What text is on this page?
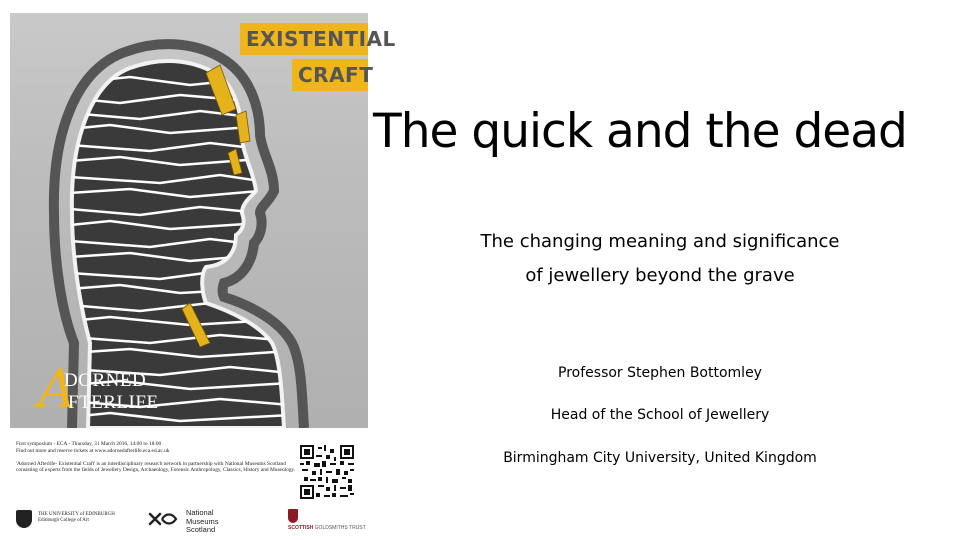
EXISTENTIAL
CRAFT
A
DORNED
FTERLIFE
First symposium - ECA - Thursday, 31 March 2016, 14:00 to 18:00
Find out more and reserve tickets at www.adornedafterlife.eca.ed.ac.uk
'Adorned Afterlife- Existential Craft' is an interdisciplinary research network in partnership with National Museums Scotland consisting of experts from the fields of Jewellery Design, Archaeology, Forensic Anthropology, Classics, History and Museology.
THE UNIVERSITY of EDINBURGH
Edinburgh College of Art
National
Museums
Scotland	SCOTTISH GOLDSMITHS TRUST
The quick and the dead
The changing meaning and significance
of jewellery beyond the grave
Professor Stephen Bottomley
Head of the School of Jewellery
Birmingham City University, United Kingdom
